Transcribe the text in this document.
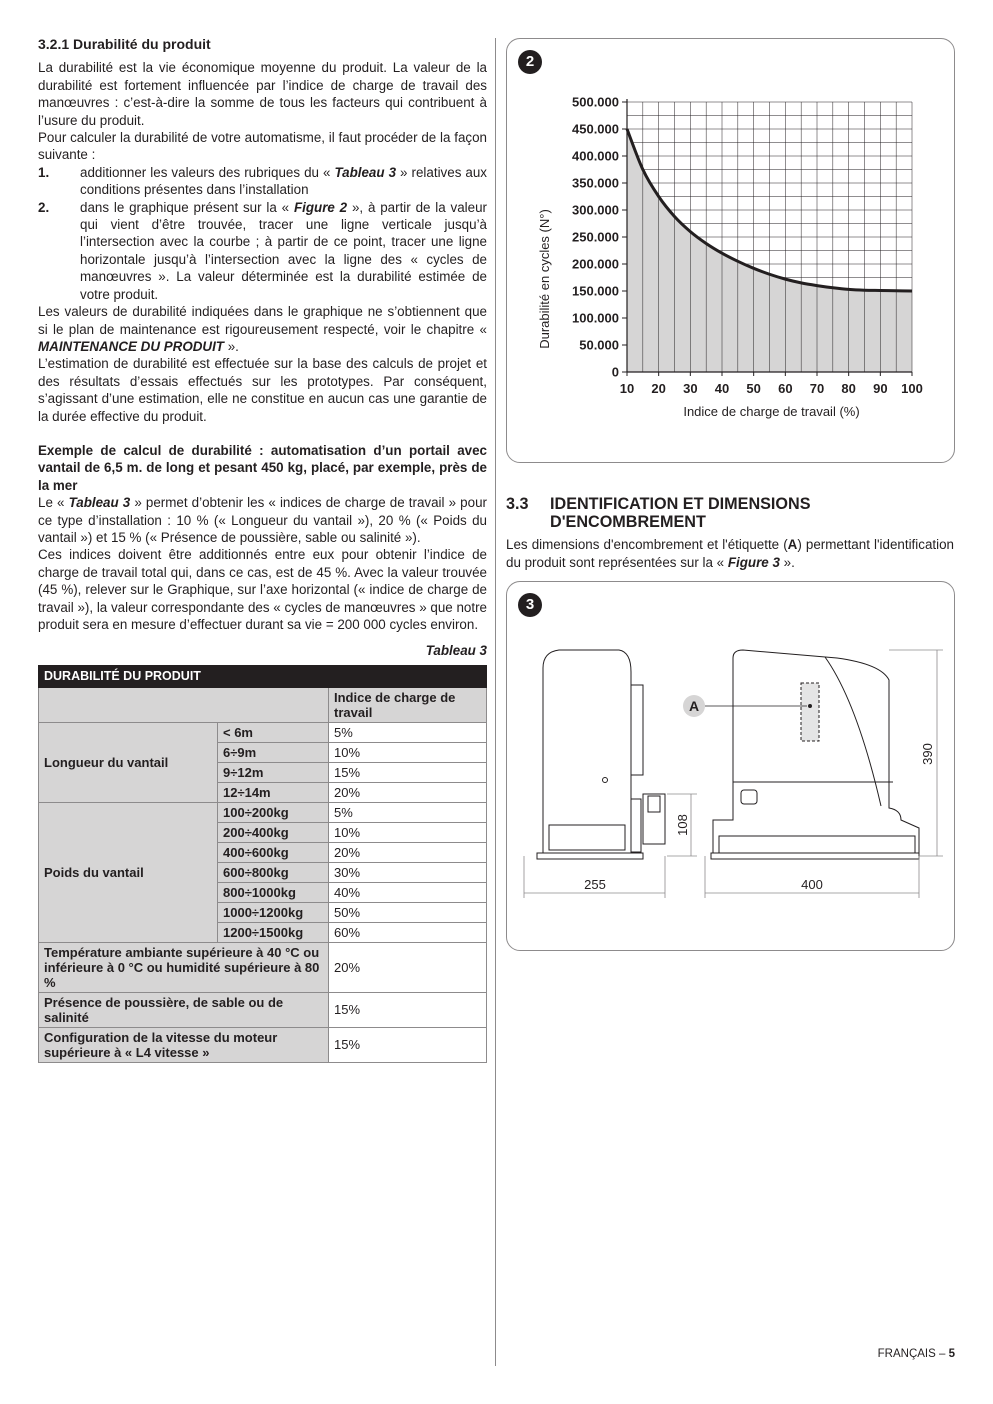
3.2.1 Durabilité du produit

La durabilité est la vie économique moyenne du produit. La valeur de la durabilité est fortement influencée par l’indice de charge de travail des manœuvres : c’est-à-dire la somme de tous les facteurs qui contribuent à l’usure du produit.

Pour calculer la durabilité de votre automatisme, il faut procéder de la façon suivante :

1. additionner les valeurs des rubriques du « Tableau 3 » relatives aux conditions présentes dans l’installation
2. dans le graphique présent sur la « Figure 2 », à partir de la valeur qui vient d’être trouvée, tracer une ligne verticale jusqu’à l’intersection avec la courbe ; à partir de ce point, tracer une ligne horizontale jusqu’à l’intersection avec la ligne des « cycles de manœuvres ». La valeur déterminée est la durabilité estimée de votre produit.

Les valeurs de durabilité indiquées dans le graphique ne s’obtiennent que si le plan de maintenance est rigoureusement respecté, voir le chapitre « MAINTENANCE DU PRODUIT ».

L’estimation de durabilité est effectuée sur la base des calculs de projet et des résultats d’essais effectués sur les prototypes. Par conséquent, s’agissant d’une estimation, elle ne constitue en aucun cas une garantie de la durée effective du produit.

Exemple de calcul de durabilité : automatisation d’un portail avec vantail de 6,5 m. de long et pesant 450 kg, placé, par exemple, près de la mer

Le « Tableau 3 » permet d’obtenir les « indices de charge de travail » pour ce type d’installation : 10 % (« Longueur du vantail »), 20 % (« Poids du vantail ») et 15 % (« Présence de poussière, sable ou salinité »).

Ces indices doivent être additionnés entre eux pour obtenir l’indice de charge de travail total qui, dans ce cas, est de 45 %. Avec la valeur trouvée (45 %), relever sur le Graphique, sur l’axe horizontal (« indice de charge de travail »), la valeur correspondante des « cycles de manœuvres » que notre produit sera en mesure d’effectuer durant sa vie = 200 000 cycles environ.

Tableau 3
DURABILITÉ DU PRODUIT		
		Indice de charge de travail
Longueur du vantail	< 6m	5%
	6÷9m	10%
	9÷12m	15%
	12÷14m	20%
Poids du vantail	100÷200kg	5%
	200÷400kg	10%
	400÷600kg	20%
	600÷800kg	30%
	800÷1000kg	40%
	1000÷1200kg	50%
	1200÷1500kg	60%
Température ambiante supérieure à 40 °C ou inférieure à 0 °C ou humidité supérieure à 80 %		20%
Présence de poussière, de sable ou de salinité		15%
Configuration de la vitesse du moteur supérieure à « L4 vitesse »		15%
2
0
50.000
100.000
150.000
200.000
250.000
300.000
350.000
400.000
450.000
500.000
10 20 30 40 50 60 70 80 90 100
Indice de charge de travail (%)
Durabilité en cycles (N°)
3.3 IDENTIFICATION ET DIMENSIONS
D'ENCOMBREMENT
Les dimensions d'encombrement et l'étiquette (A) permettant l'identification du produit sont représentées sur la « Figure 3 ».
3
A
255	400
108
390
FRANÇAIS – 5
